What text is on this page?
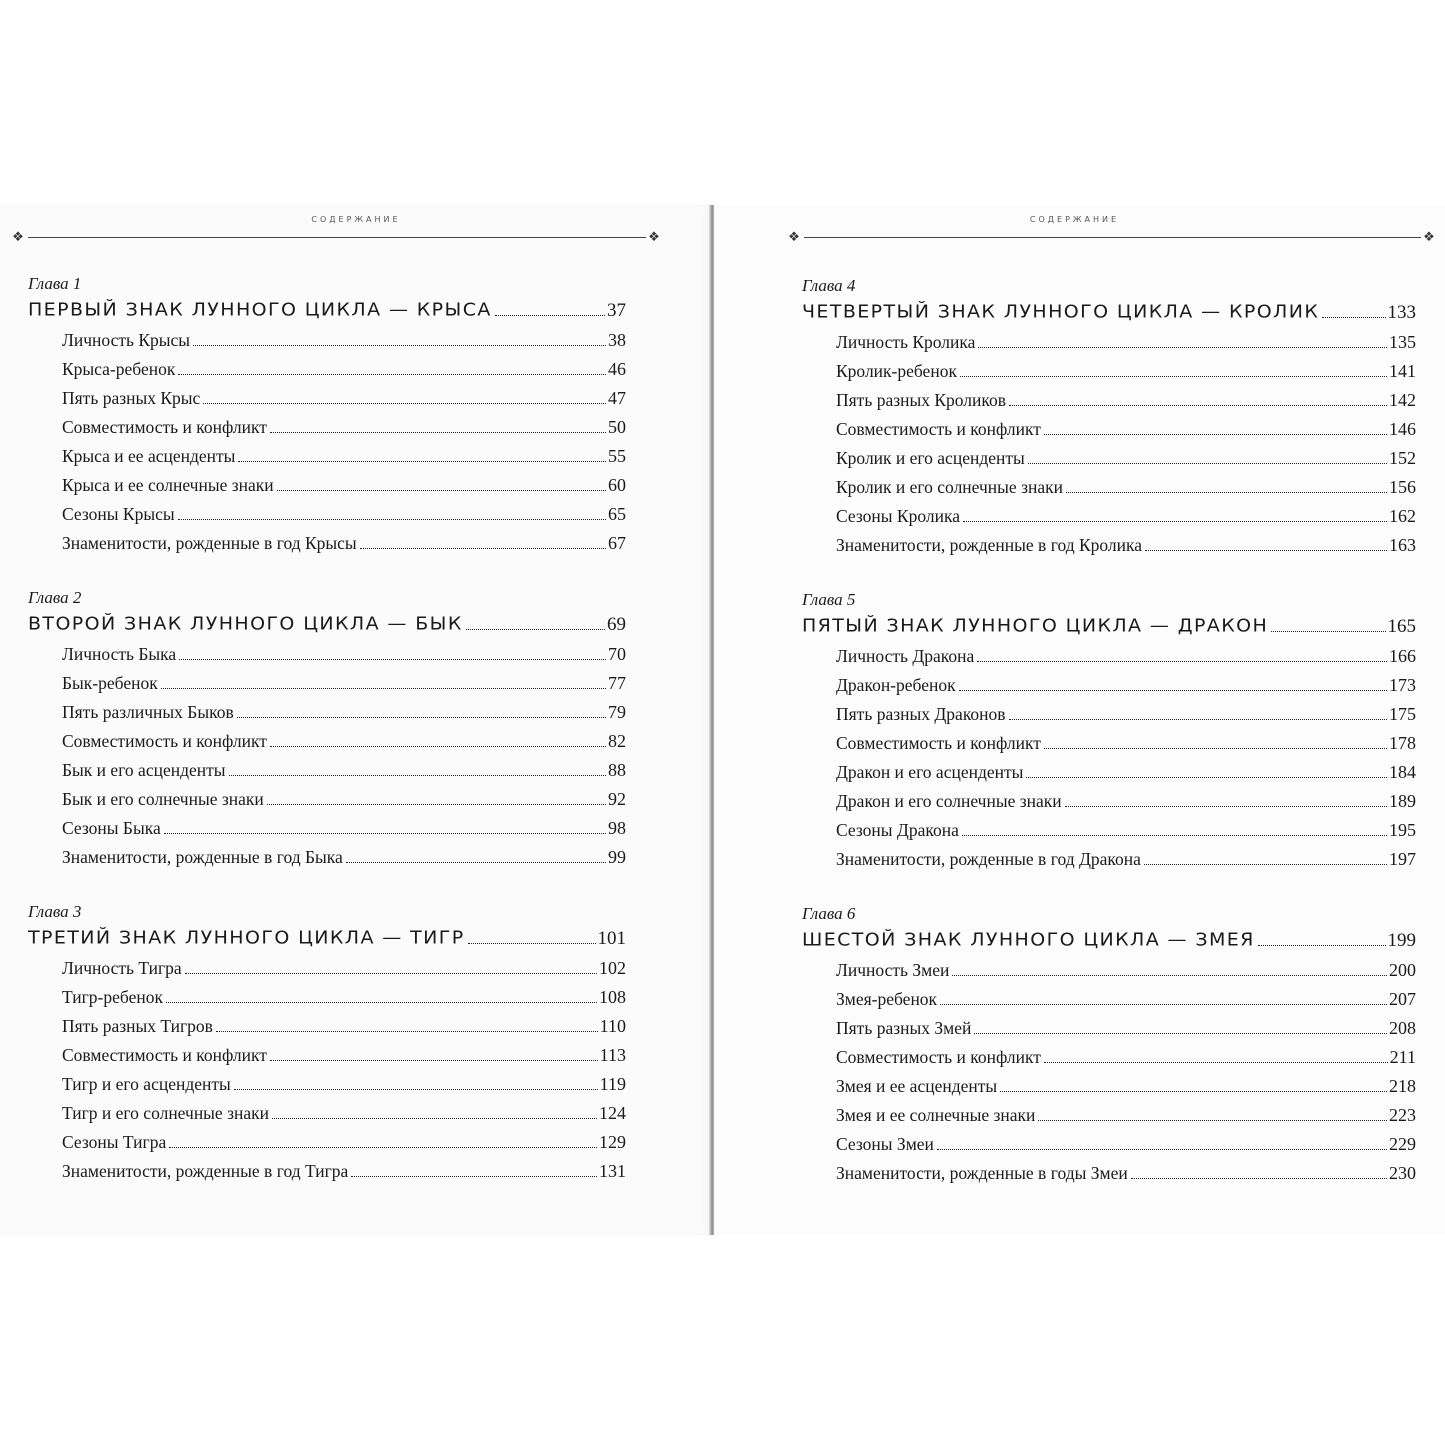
содержание
❖	❖
Глава 1
ПЕРВЫЙ ЗНАК ЛУННОГО ЦИКЛА — КРЫСА	37
Личность Крысы	38
Крыса-ребенок	46
Пять разных Крыс	47
Совместимость и конфликт	50
Крыса и ее асценденты	55
Крыса и ее солнечные знаки	60
Сезоны Крысы	65
Знаменитости, рожденные в год Крысы	67
Глава 2
ВТОРОЙ ЗНАК ЛУННОГО ЦИКЛА — БЫК	69
Личность Быка	70
Бык-ребенок	77
Пять различных Быков	79
Совместимость и конфликт	82
Бык и его асценденты	88
Бык и его солнечные знаки	92
Сезоны Быка	98
Знаменитости, рожденные в год Быка	99
Глава 3
ТРЕТИЙ ЗНАК ЛУННОГО ЦИКЛА — ТИГР	101
Личность Тигра	102
Тигр-ребенок	108
Пять разных Тигров	110
Совместимость и конфликт	113
Тигр и его асценденты	119
Тигр и его солнечные знаки	124
Сезоны Тигра	129
Знаменитости, рожденные в год Тигра	131
содержание
❖	❖
Глава 4
ЧЕТВЕРТЫЙ ЗНАК ЛУННОГО ЦИКЛА — КРОЛИК	133
Личность Кролика	135
Кролик-ребенок	141
Пять разных Кроликов	142
Совместимость и конфликт	146
Кролик и его асценденты	152
Кролик и его солнечные знаки	156
Сезоны Кролика	162
Знаменитости, рожденные в год Кролика	163
Глава 5
ПЯТЫЙ ЗНАК ЛУННОГО ЦИКЛА — ДРАКОН	165
Личность Дракона	166
Дракон-ребенок	173
Пять разных Драконов	175
Совместимость и конфликт	178
Дракон и его асценденты	184
Дракон и его солнечные знаки	189
Сезоны Дракона	195
Знаменитости, рожденные в год Дракона	197
Глава 6
ШЕСТОЙ ЗНАК ЛУННОГО ЦИКЛА — ЗМЕЯ	199
Личность Змеи	200
Змея-ребенок	207
Пять разных Змей	208
Совместимость и конфликт	211
Змея и ее асценденты	218
Змея и ее солнечные знаки	223
Сезоны Змеи	229
Знаменитости, рожденные в годы Змеи	230
